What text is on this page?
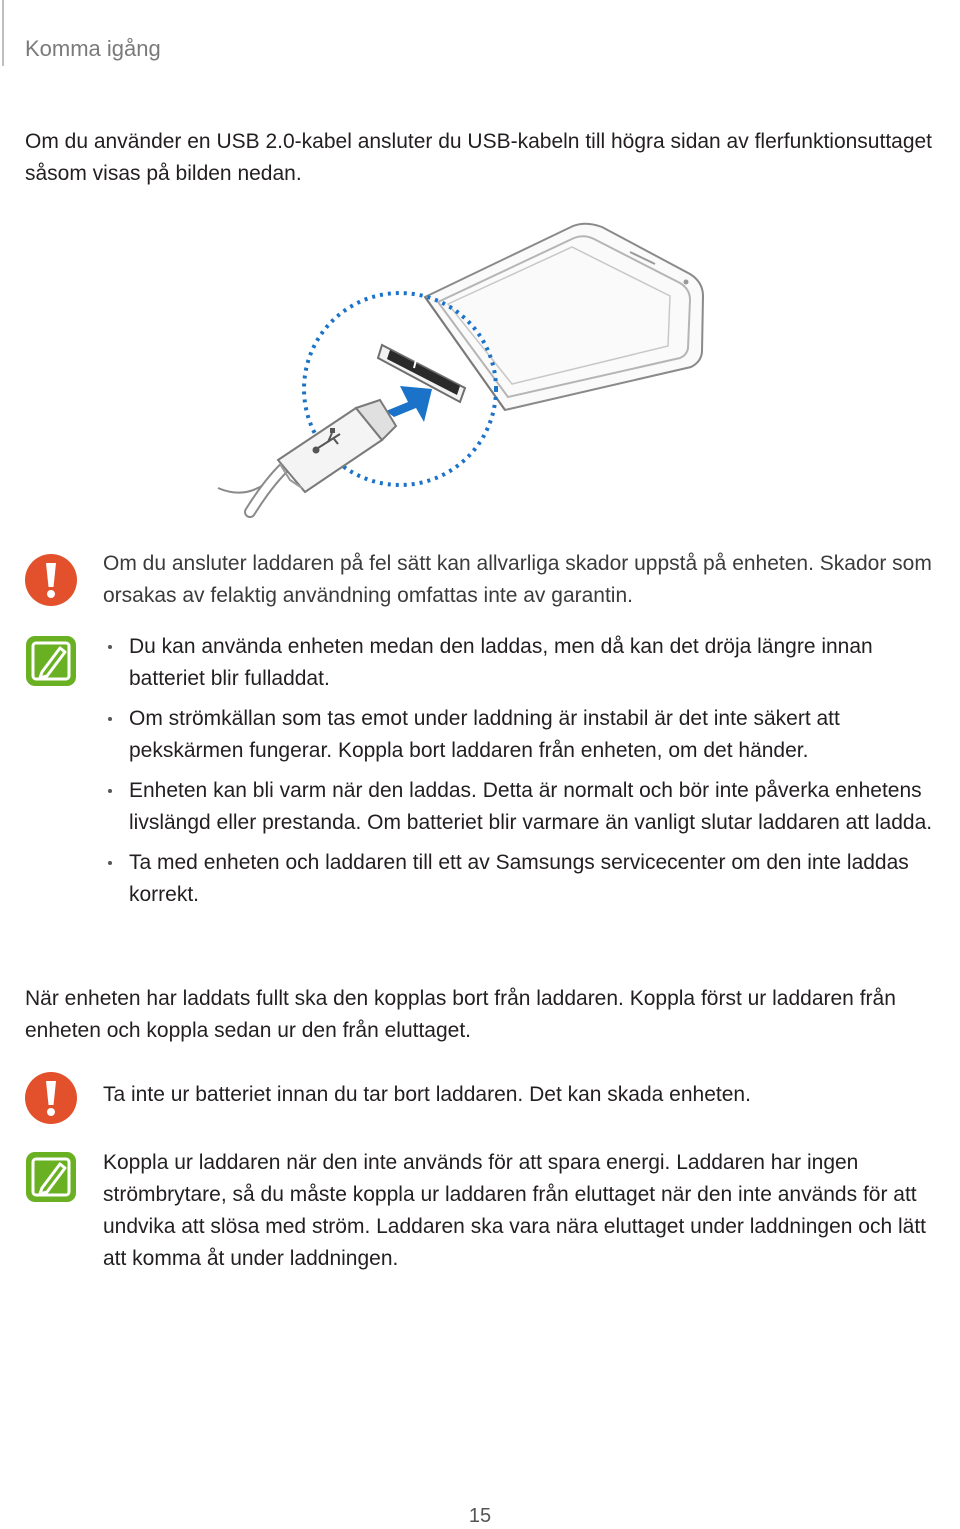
Komma igång
Om du använder en USB 2.0-kabel ansluter du USB-kabeln till högra sidan av flerfunktionsuttaget såsom visas på bilden nedan.
Om du ansluter laddaren på fel sätt kan allvarliga skador uppstå på enheten. Skador som orsakas av felaktig användning omfattas inte av garantin.
Du kan använda enheten medan den laddas, men då kan det dröja längre innan batteriet blir fulladdat.
Om strömkällan som tas emot under laddning är instabil är det inte säkert att pekskärmen fungerar. Koppla bort laddaren från enheten, om det händer.
Enheten kan bli varm när den laddas. Detta är normalt och bör inte påverka enhetens livslängd eller prestanda. Om batteriet blir varmare än vanligt slutar laddaren att ladda.
Ta med enheten och laddaren till ett av Samsungs servicecenter om den inte laddas korrekt.
När enheten har laddats fullt ska den kopplas bort från laddaren. Koppla först ur laddaren från enheten och koppla sedan ur den från eluttaget.
Ta inte ur batteriet innan du tar bort laddaren. Det kan skada enheten.
Koppla ur laddaren när den inte används för att spara energi. Laddaren har ingen strömbrytare, så du måste koppla ur laddaren från eluttaget när den inte används för att undvika att slösa med ström. Laddaren ska vara nära eluttaget under laddningen och lätt att komma åt under laddningen.
15
